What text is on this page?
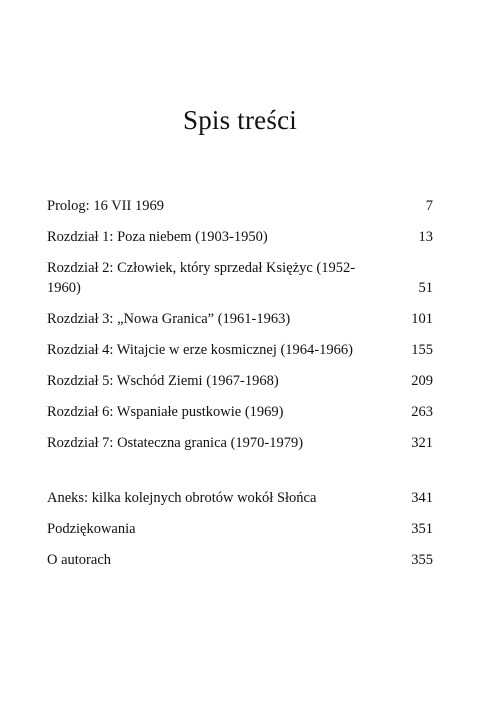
Spis treści
Prolog: 16 VII 1969	7
Rozdział 1: Poza niebem (1903-1950)	13
Rozdział 2: Człowiek, który sprzedał Księżyc (1952-1960)	51
Rozdział 3: „Nowa Granica” (1961-1963)	101
Rozdział 4: Witajcie w erze kosmicznej (1964-1966)	155
Rozdział 5: Wschód Ziemi (1967-1968)	209
Rozdział 6: Wspaniałe pustkowie (1969)	263
Rozdział 7: Ostateczna granica (1970-1979)	321
Aneks: kilka kolejnych obrotów wokół Słońca	341
Podziękowania	351
O autorach	355
